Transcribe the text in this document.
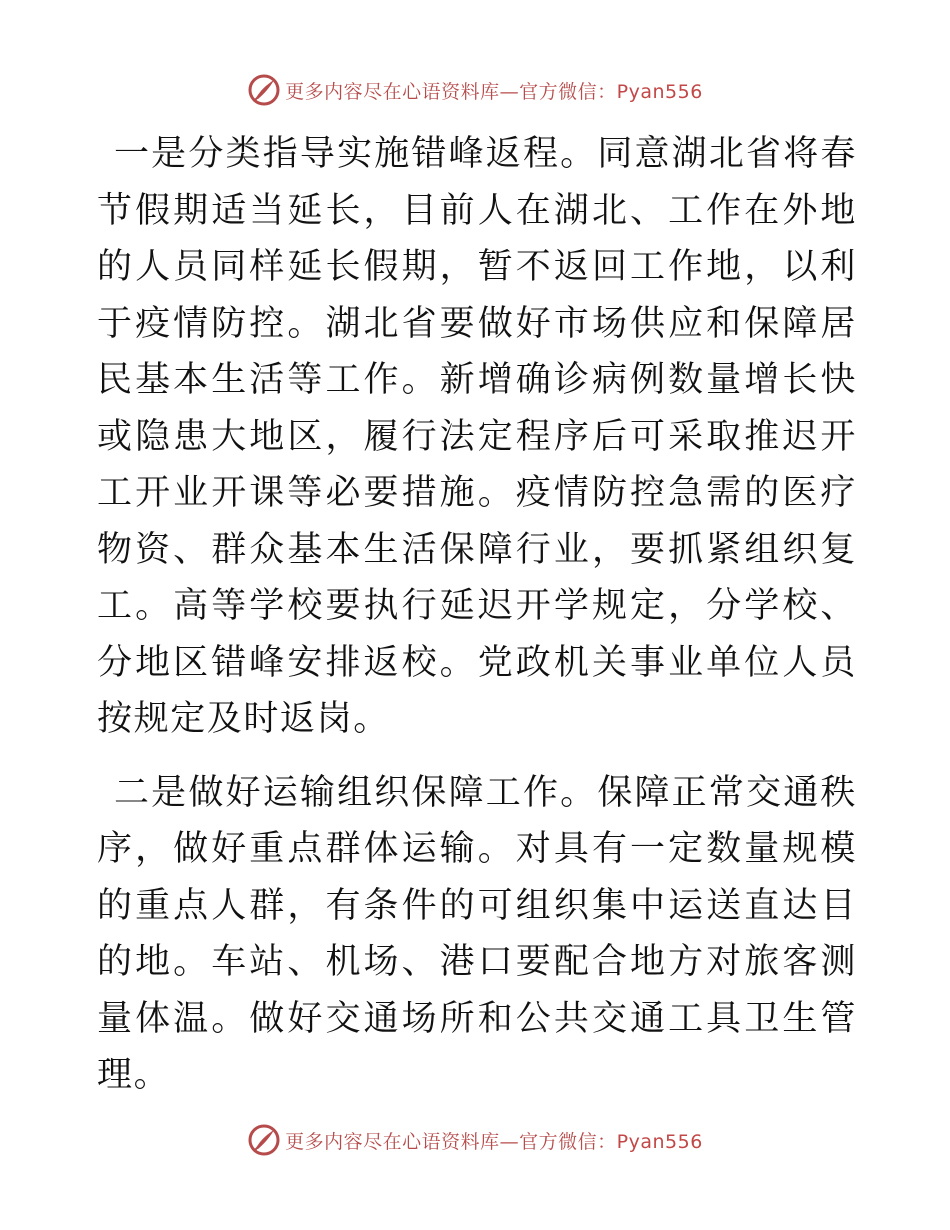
更多内容尽在心语资料库—官方微信：Pyan556

一是分类指导实施错峰返程。同意湖北省将春节假期适当延长，目前人在湖北、工作在外地的人员同样延长假期，暂不返回工作地，以利于疫情防控。湖北省要做好市场供应和保障居民基本生活等工作。新增确诊病例数量增长快或隐患大地区，履行法定程序后可采取推迟开工开业开课等必要措施。疫情防控急需的医疗物资、群众基本生活保障行业，要抓紧组织复工。高等学校要执行延迟开学规定，分学校、分地区错峰安排返校。党政机关事业单位人员按规定及时返岗。

二是做好运输组织保障工作。保障正常交通秩序，做好重点群体运输。对具有一定数量规模的重点人群，有条件的可组织集中运送直达目的地。车站、机场、港口要配合地方对旅客测量体温。做好交通场所和公共交通工具卫生管理。

更多内容尽在心语资料库—官方微信：Pyan556
